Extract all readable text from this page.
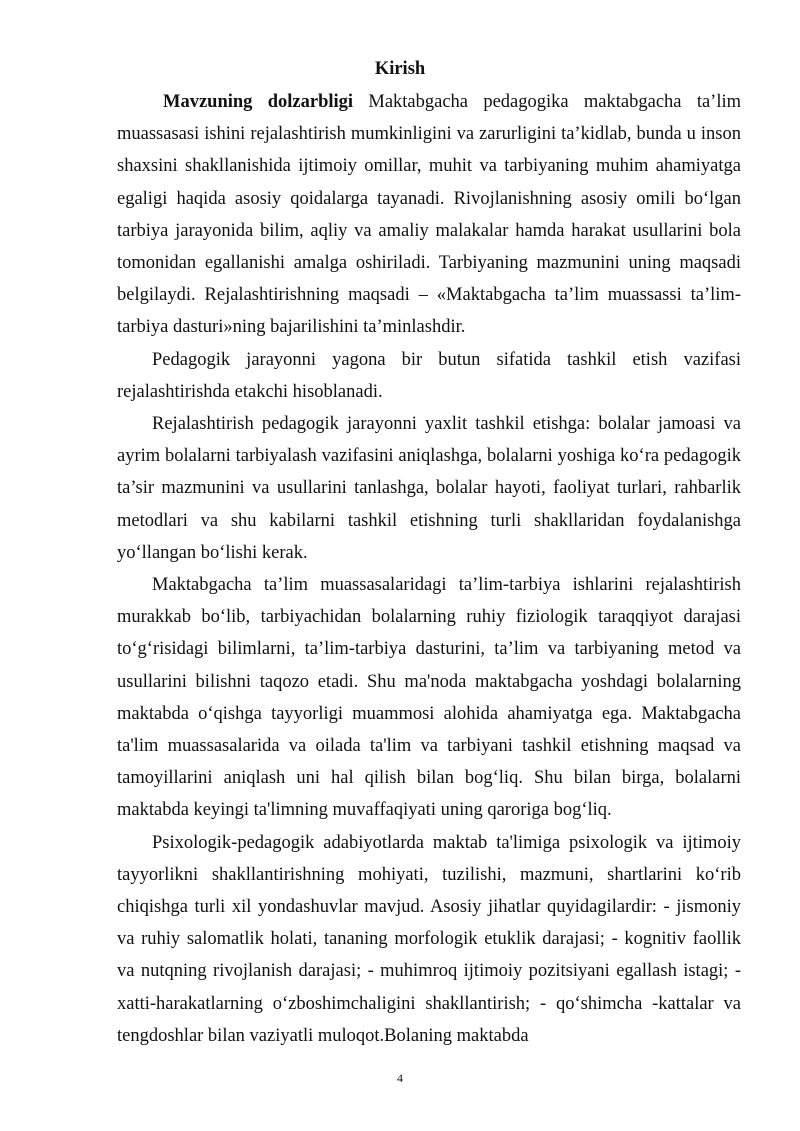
Kirish

Mavzuning dolzarbligi Maktabgacha pedagogika maktabgacha ta’lim muassasasi ishini rejalashtirish mumkinligini va zarurligini ta’kidlab, bunda u inson shaxsini shakllanishida ijtimoiy omillar, muhit va tarbiyaning muhim ahamiyatga egaligi haqida asosiy qoidalarga tayanadi. Rivojlanishning asosiy omili bo‘lgan tarbiya jarayonida bilim, aqliy va amaliy malakalar hamda harakat usullarini bola tomonidan egallanishi amalga oshiriladi. Tarbiyaning mazmunini uning maqsadi belgilaydi. Rejalashtirishning maqsadi – «Maktabgacha ta’lim muassassi ta’lim-tarbiya dasturi»ning bajarilishini ta’minlashdir.

Pedagogik jarayonni yagona bir butun sifatida tashkil etish vazifasi rejalashtirishda etakchi hisoblanadi.

Rejalashtirish pedagogik jarayonni yaxlit tashkil etishga: bolalar jamoasi va ayrim bolalarni tarbiyalash vazifasini aniqlashga, bolalarni yoshiga ko‘ra pedagogik ta’sir mazmunini va usullarini tanlashga, bolalar hayoti, faoliyat turlari, rahbarlik metodlari va shu kabilarni tashkil etishning turli shakllaridan foydalanishga yo‘llangan bo‘lishi kerak.

Maktabgacha ta’lim muassasalaridagi ta’lim-tarbiya ishlarini rejalashtirish murakkab bo‘lib, tarbiyachidan bolalarning ruhiy fiziologik taraqqiyot darajasi to‘g‘risidagi bilimlarni, ta’lim-tarbiya dasturini, ta’lim va tarbiyaning metod va usullarini bilishni taqozo etadi. Shu ma'noda maktabgacha yoshdagi bolalarning maktabda o‘qishga tayyorligi muammosi alohida ahamiyatga ega. Maktabgacha ta'lim muassasalarida va oilada ta'lim va tarbiyani tashkil etishning maqsad va tamoyillarini aniqlash uni hal qilish bilan bog‘liq. Shu bilan birga, bolalarni maktabda keyingi ta'limning muvaffaqiyati uning qaroriga bog‘liq.

Psixologik-pedagogik adabiyotlarda maktab ta'limiga psixologik va ijtimoiy tayyorlikni shakllantirishning mohiyati, tuzilishi, mazmuni, shartlarini ko‘rib chiqishga turli xil yondashuvlar mavjud. Asosiy jihatlar quyidagilardir: - jismoniy va ruhiy salomatlik holati, tananing morfologik etuklik darajasi; - kognitiv faollik va nutqning rivojlanish darajasi; - muhimroq ijtimoiy pozitsiyani egallash istagi; - xatti-harakatlarning o‘zboshimchaligini shakllantirish; - qo‘shimcha -kattalar va tengdoshlar bilan vaziyatli muloqot.Bolaning maktabda

4
